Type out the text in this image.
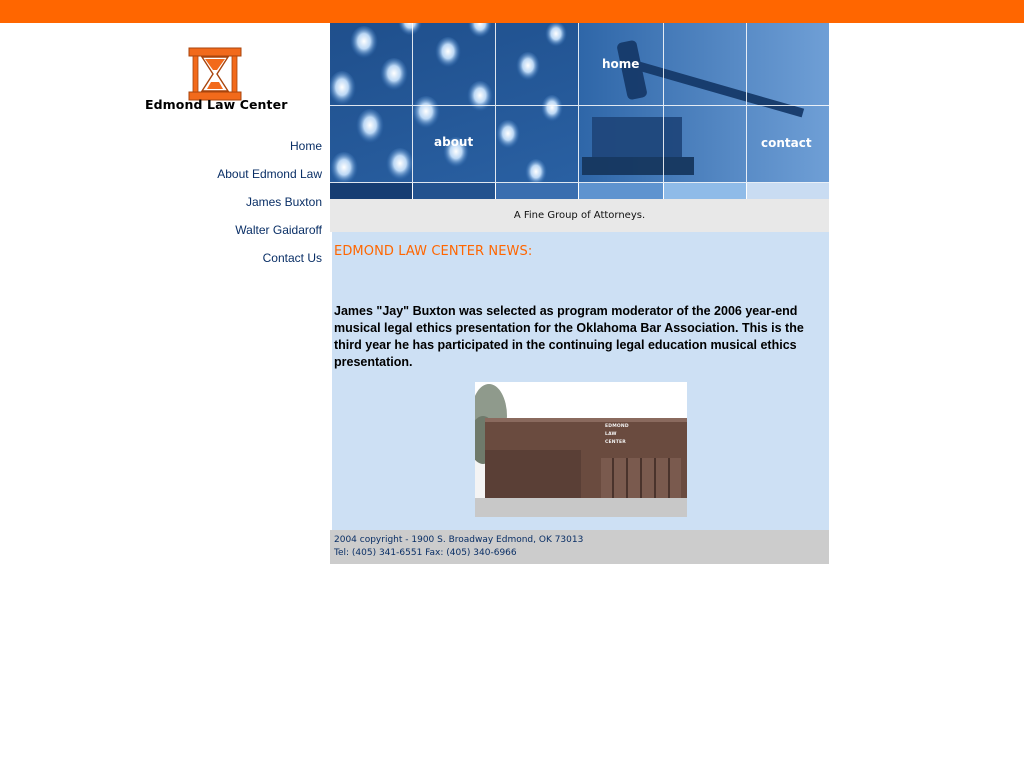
Edmond Law Center
Home
About Edmond Law
James Buxton
Walter Gaidaroff
Contact Us
home
about	contact
A Fine Group of Attorneys.
EDMOND LAW CENTER NEWS:
James "Jay" Buxton was selected as program moderator of the 2006 year-end musical legal ethics presentation for the Oklahoma Bar Association. This is the third year he has participated in the continuing legal education musical ethics presentation.
EDMOND
LAW
CENTER
2004 copyright - 1900 S. Broadway Edmond, OK 73013
Tel: (405) 341-6551 Fax: (405) 340-6966
